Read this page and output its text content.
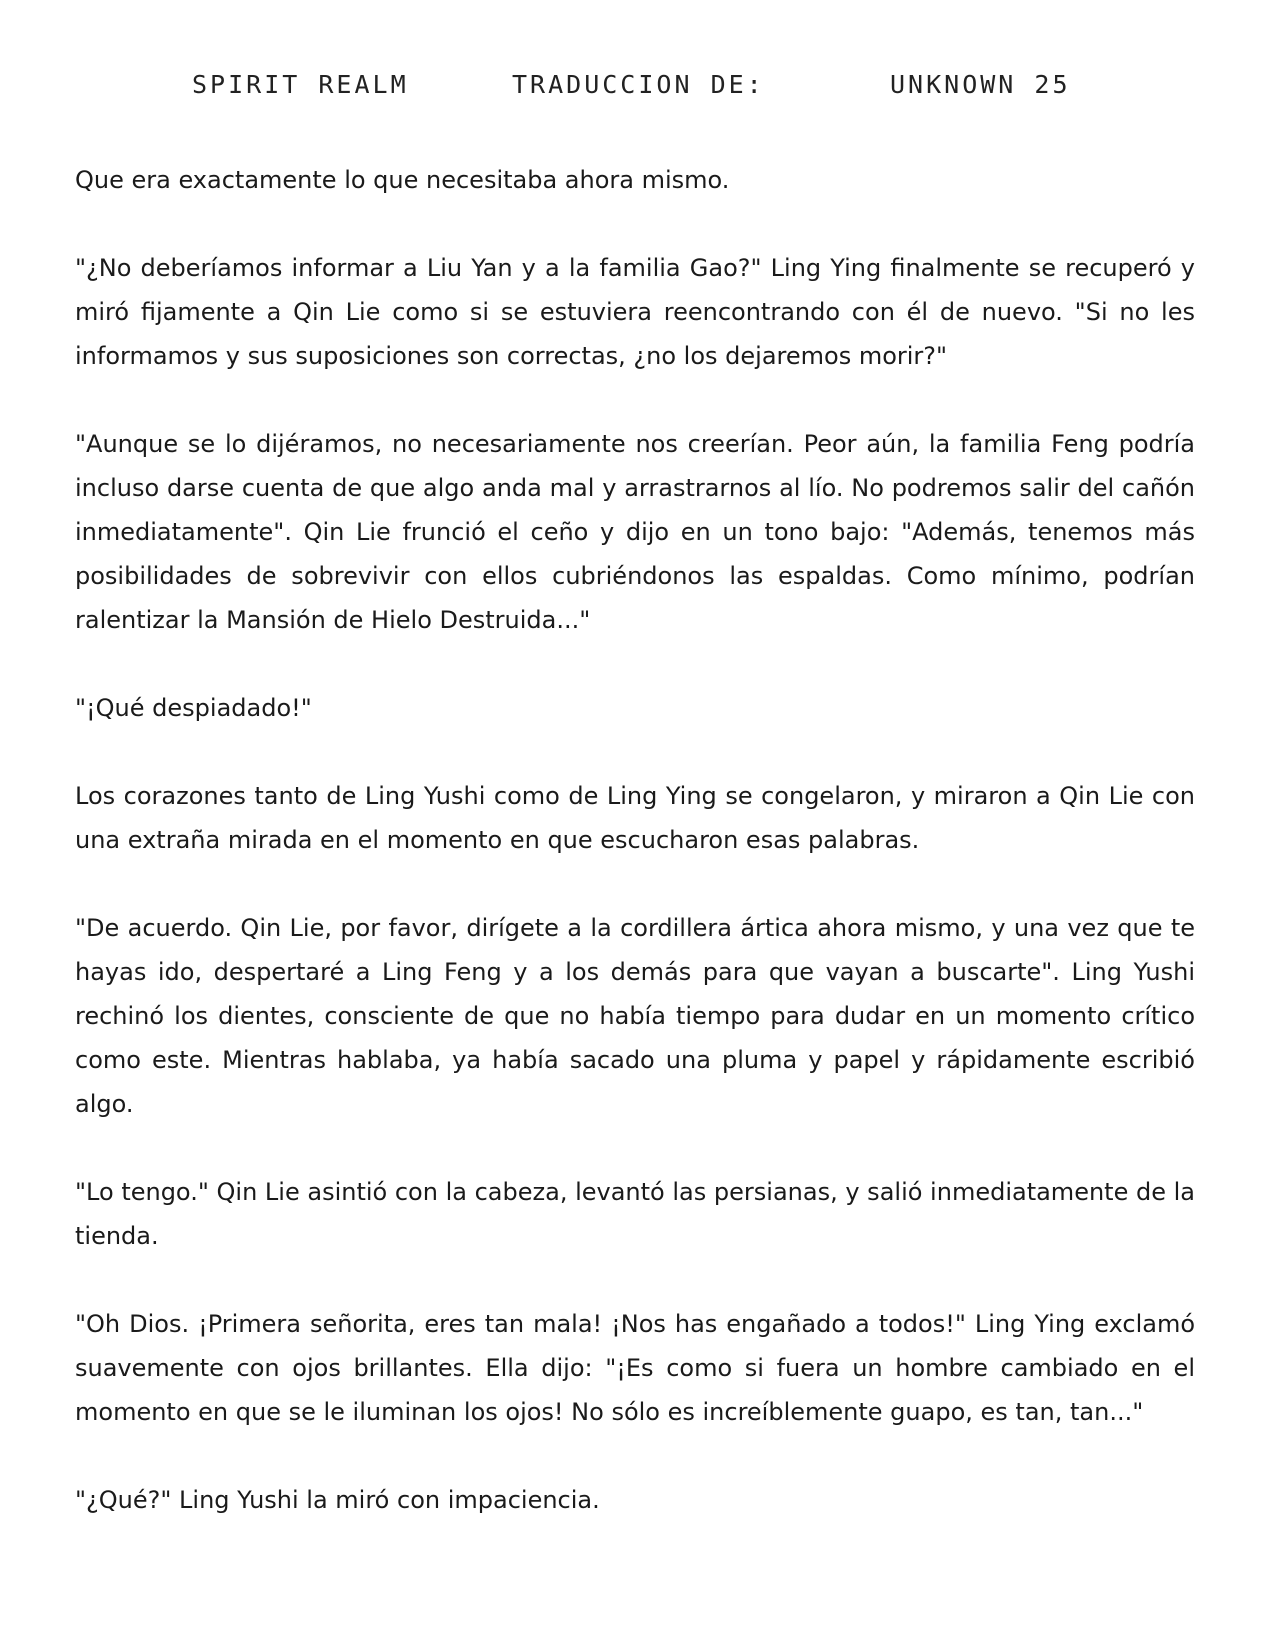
SPIRIT REALM	TRADUCCION DE:	UNKNOWN 25

Que era exactamente lo que necesitaba ahora mismo.

"¿No deberíamos informar a Liu Yan y a la familia Gao?" Ling Ying finalmente se recuperó y miró fijamente a Qin Lie como si se estuviera reencontrando con él de nuevo. "Si no les informamos y sus suposiciones son correctas, ¿no los dejaremos morir?"

"Aunque se lo dijéramos, no necesariamente nos creerían. Peor aún, la familia Feng podría incluso darse cuenta de que algo anda mal y arrastrarnos al lío. No podremos salir del cañón inmediatamente". Qin Lie frunció el ceño y dijo en un tono bajo: "Además, tenemos más posibilidades de sobrevivir con ellos cubriéndonos las espaldas. Como mínimo, podrían ralentizar la Mansión de Hielo Destruida..."

"¡Qué despiadado!"

Los corazones tanto de Ling Yushi como de Ling Ying se congelaron, y miraron a Qin Lie con una extraña mirada en el momento en que escucharon esas palabras.

"De acuerdo. Qin Lie, por favor, dirígete a la cordillera ártica ahora mismo, y una vez que te hayas ido, despertaré a Ling Feng y a los demás para que vayan a buscarte". Ling Yushi rechinó los dientes, consciente de que no había tiempo para dudar en un momento crítico como este. Mientras hablaba, ya había sacado una pluma y papel y rápidamente escribió algo.

"Lo tengo." Qin Lie asintió con la cabeza, levantó las persianas, y salió inmediatamente de la tienda.

"Oh Dios. ¡Primera señorita, eres tan mala! ¡Nos has engañado a todos!" Ling Ying exclamó suavemente con ojos brillantes. Ella dijo: "¡Es como si fuera un hombre cambiado en el momento en que se le iluminan los ojos! No sólo es increíblemente guapo, es tan, tan..."

"¿Qué?" Ling Yushi la miró con impaciencia.
